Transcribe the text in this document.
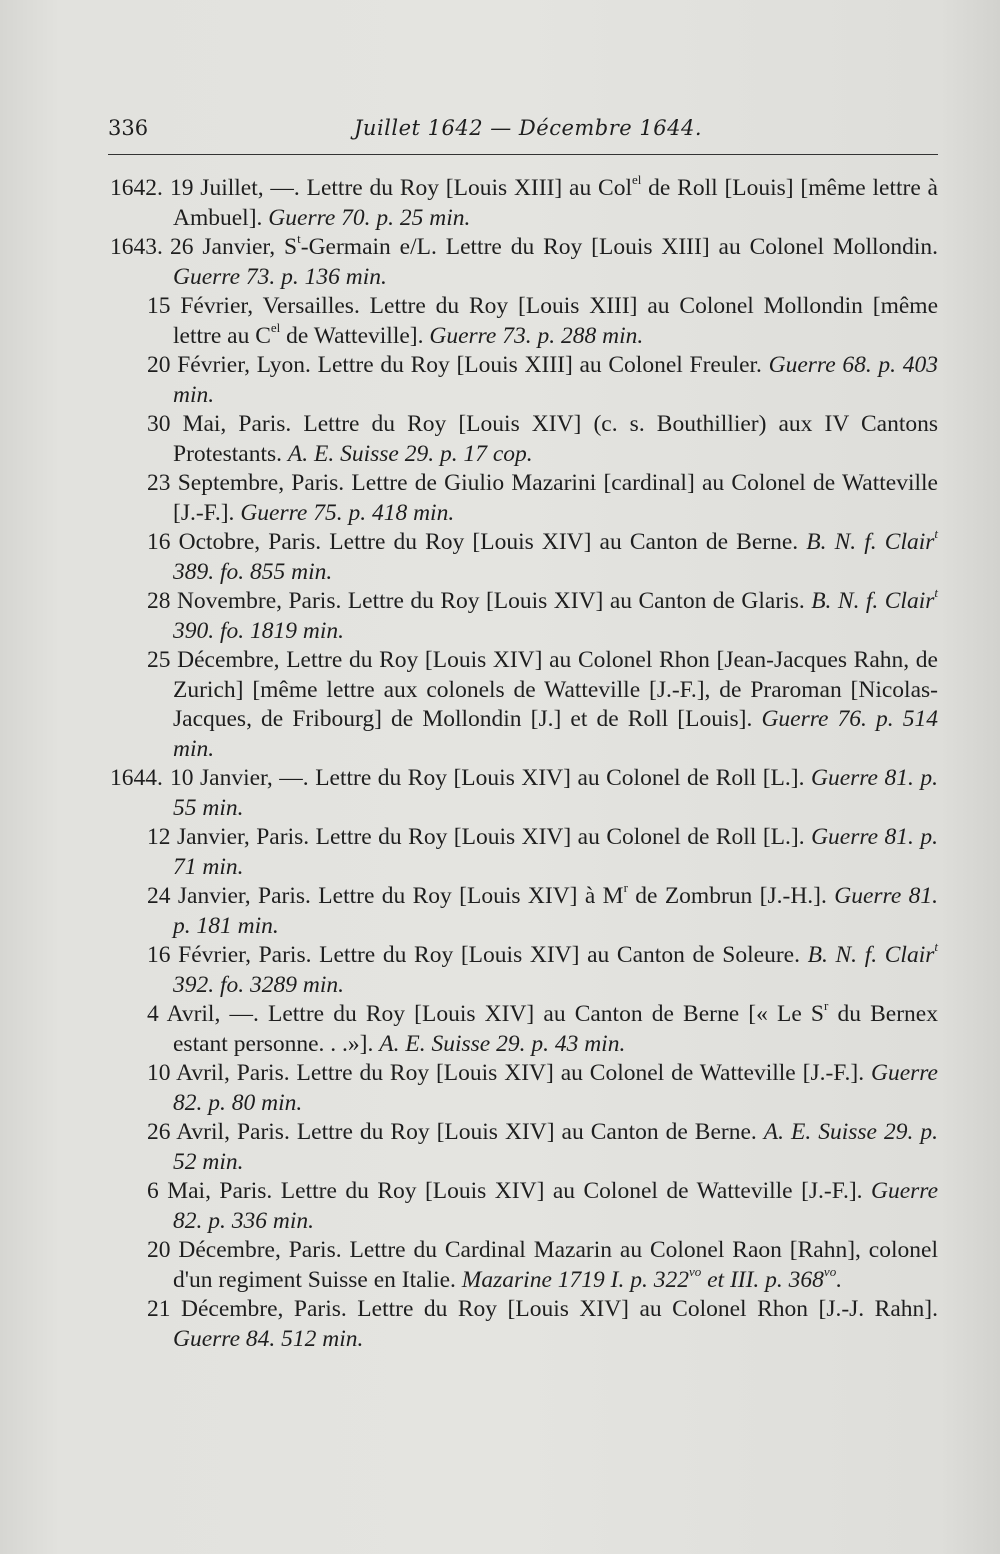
336	Juillet 1642 — Décembre 1644.
1642. 19 Juillet, —. Lettre du Roy [Louis XIII] au Col$^{el}$ de Roll [Louis] [même lettre à Ambuel]. Guerre 70. p. 25 min.
1643. 26 Janvier, $S^t$-Germain e/L. Lettre du Roy [Louis XIII] au Colonel Mollondin. Guerre 73. p. 136 min.
15 Février, Versailles. Lettre du Roy [Louis XIII] au Colonel Mollondin [même lettre au $C^{el}$ de Watteville]. Guerre 73. p. 288 min.
20 Février, Lyon. Lettre du Roy [Louis XIII] au Colonel Freuler. Guerre 68. p. 403 min.
30 Mai, Paris. Lettre du Roy [Louis XIV] (c. s. Bouthillier) aux IV Cantons Protestants. A. E. Suisse 29. p. 17 cop.
23 Septembre, Paris. Lettre de Giulio Mazarini [cardinal] au Colonel de Watteville [J.-F.]. Guerre 75. p. 418 min.
16 Octobre, Paris. Lettre du Roy [Louis XIV] au Canton de Berne. B. N. f. Clair$^t$ 389. fo. 855 min.
28 Novembre, Paris. Lettre du Roy [Louis XIV] au Canton de Glaris. B. N. f. Clair$^t$ 390. fo. 1819 min.
25 Décembre, Lettre du Roy [Louis XIV] au Colonel Rhon [Jean-Jacques Rahn, de Zurich] [même lettre aux colonels de Watteville [J.-F.], de Praroman [Nicolas-Jacques, de Fribourg] de Mollondin [J.] et de Roll [Louis]. Guerre 76. p. 514 min.
1644. 10 Janvier, —. Lettre du Roy [Louis XIV] au Colonel de Roll [L.]. Guerre 81. p. 55 min.
12 Janvier, Paris. Lettre du Roy [Louis XIV] au Colonel de Roll [L.]. Guerre 81. p. 71 min.
24 Janvier, Paris. Lettre du Roy [Louis XIV] à $M^r$ de Zombrun [J.-H.]. Guerre 81. p. 181 min.
16 Février, Paris. Lettre du Roy [Louis XIV] au Canton de Soleure. B. N. f. Clair$^t$ 392. fo. 3289 min.
4 Avril, —. Lettre du Roy [Louis XIV] au Canton de Berne [« Le $S^r$ du Bernex estant personne. . .»]. A. E. Suisse 29. p. 43 min.
10 Avril, Paris. Lettre du Roy [Louis XIV] au Colonel de Watteville [J.-F.]. Guerre 82. p. 80 min.
26 Avril, Paris. Lettre du Roy [Louis XIV] au Canton de Berne. A. E. Suisse 29. p. 52 min.
6 Mai, Paris. Lettre du Roy [Louis XIV] au Colonel de Watteville [J.-F.]. Guerre 82. p. 336 min.
20 Décembre, Paris. Lettre du Cardinal Mazarin au Colonel Raon [Rahn], colonel d'un regiment Suisse en Italie. Mazarine 1719 I. p. $322^{vo}$ et III. p. $368^{vo}$.
21 Décembre, Paris. Lettre du Roy [Louis XIV] au Colonel Rhon [J.-J. Rahn]. Guerre 84. 512 min.
